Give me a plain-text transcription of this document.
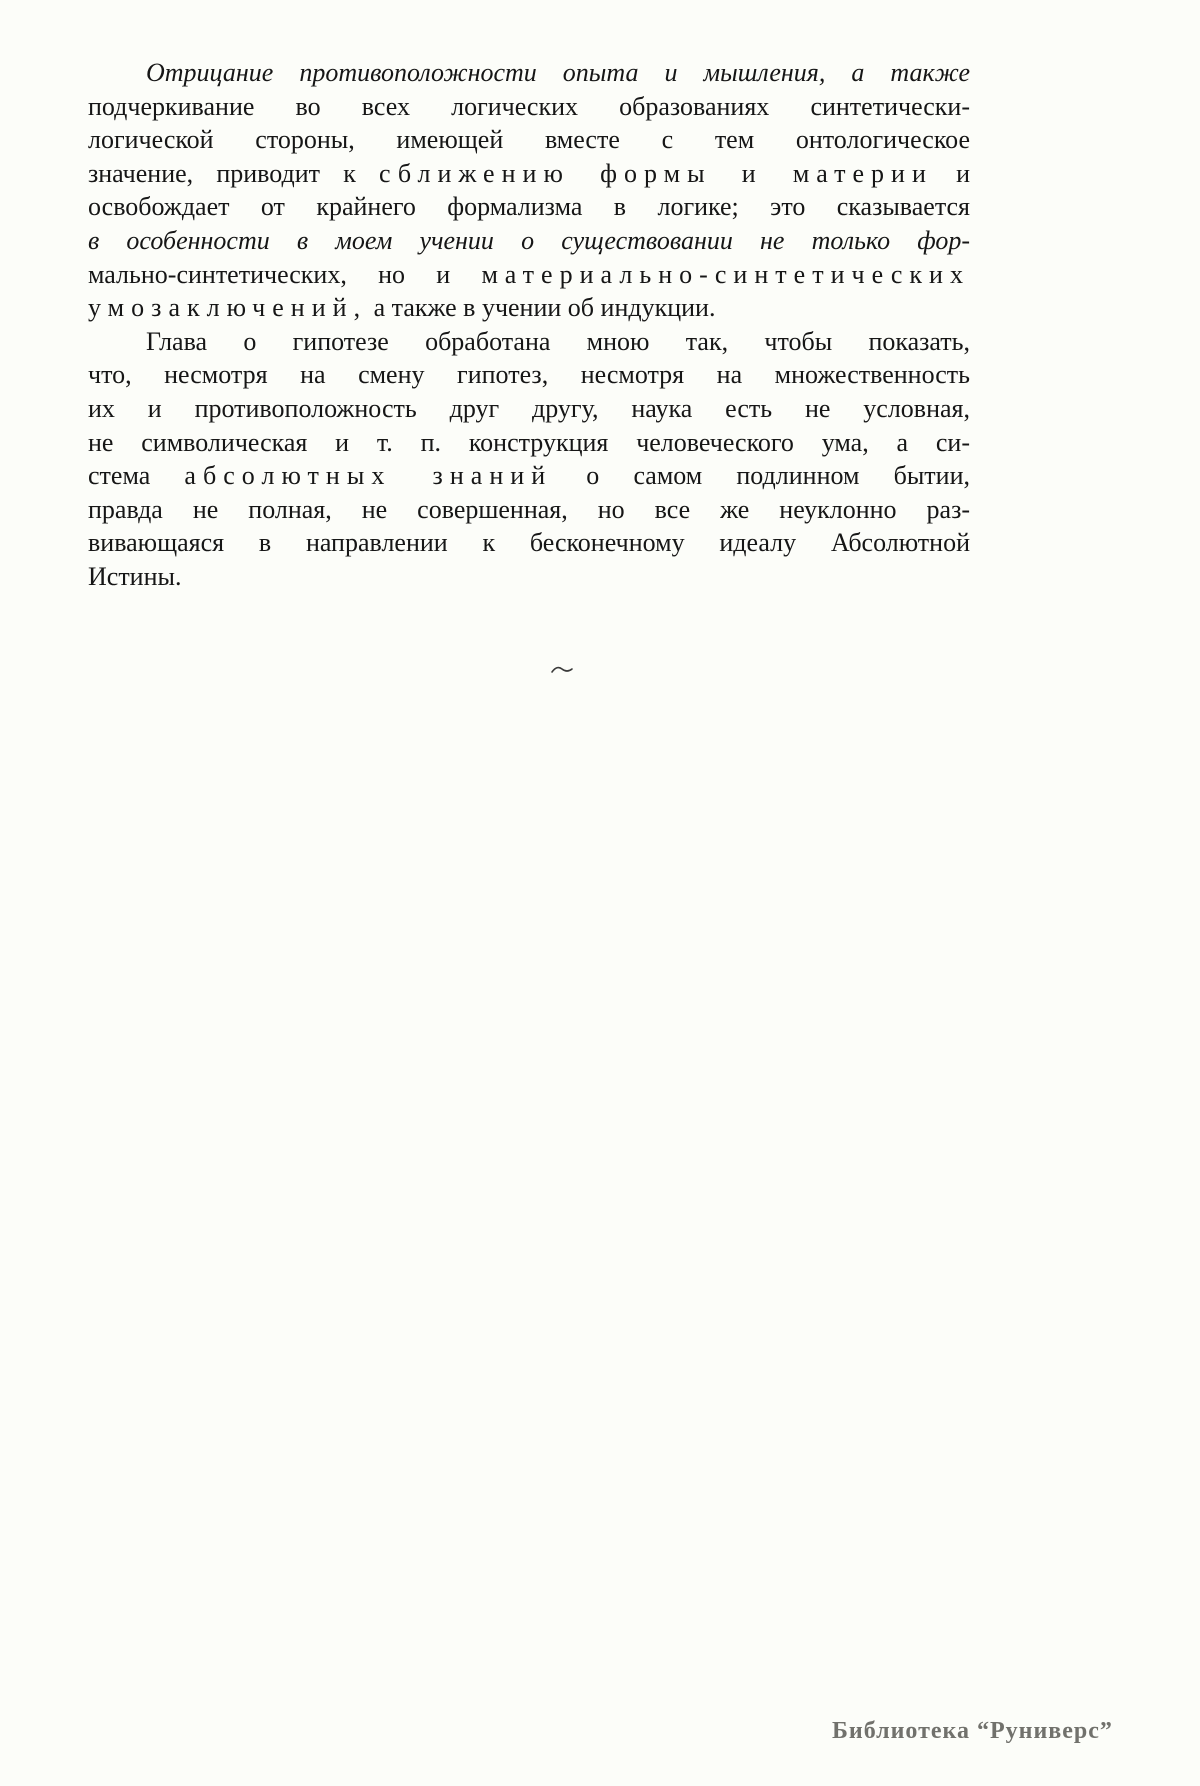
Отрицание противоположности опыта и мышления, а также
подчеркивание во всех логических образованиях синтетически-
логической стороны, имеющей вместе с тем онтологическое
значение, приводит к сближению формы и материи и
освобождает от крайнего формализма в логике; это сказывается
в особенности в моем учении о существовании не только фор-
мально-синтетических, но и материально-синтетических
умозаключений, а также в учении об индукции.
Глава о гипотезе обработана мною так, чтобы показать,
что, несмотря на смену гипотез, несмотря на множественность
их и противоположность друг другу, наука есть не условная,
не символическая и т. п. конструкция человеческого ума, а си-
стема абсолютных знаний о самом подлинном бытии,
правда не полная, не совершенная, но все же неуклонно раз-
вивающаяся в направлении к бесконечному идеалу Абсолютной
Истины.
Библиотека “Руниверс”
